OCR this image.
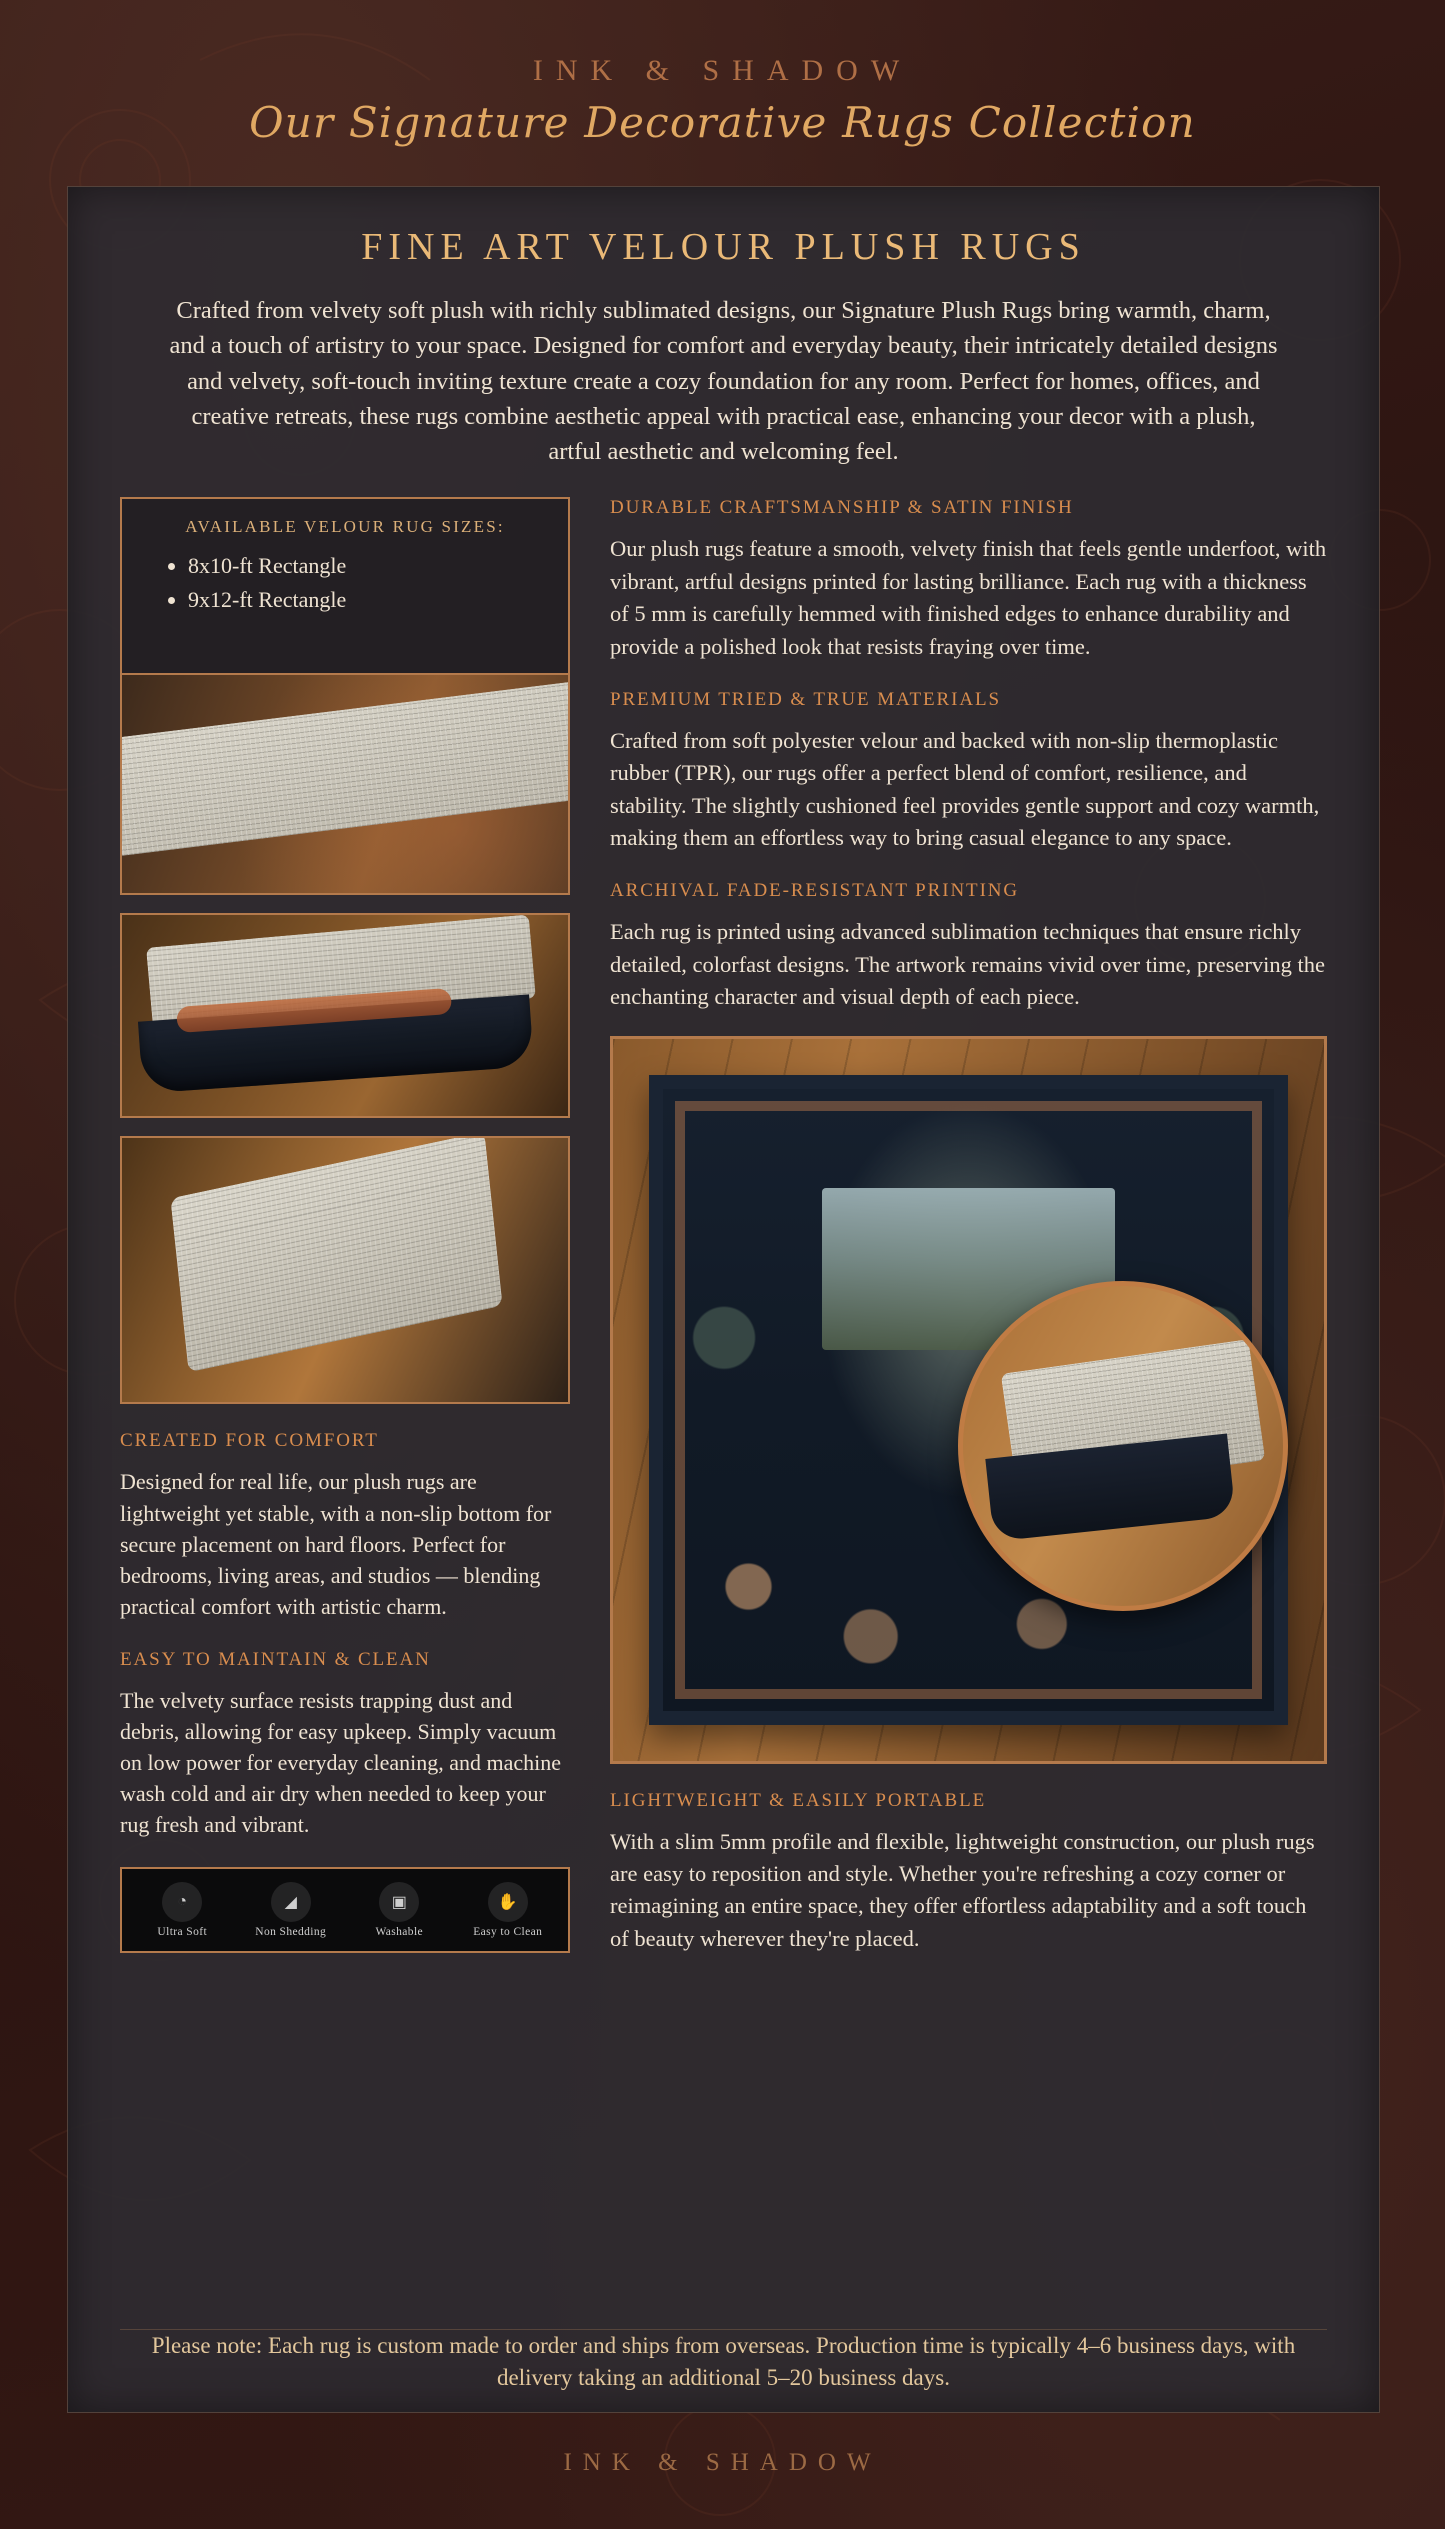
INK & SHADOW
Our Signature Decorative Rugs Collection
FINE ART VELOUR PLUSH RUGS

Crafted from velvety soft plush with richly sublimated designs, our Signature Plush Rugs bring warmth, charm, and a touch of artistry to your space. Designed for comfort and everyday beauty, their intricately detailed designs and velvety, soft-touch inviting texture create a cozy foundation for any room. Perfect for homes, offices, and creative retreats, these rugs combine aesthetic appeal with practical ease, enhancing your decor with a plush, artful aesthetic and welcoming feel.

AVAILABLE VELOUR RUG SIZES:
• 8x10-ft Rectangle
• 9x12-ft Rectangle
CREATED FOR COMFORT

Designed for real life, our plush rugs are lightweight yet stable, with a non-slip bottom for secure placement on hard floors. Perfect for bedrooms, living areas, and studios — blending practical comfort with artistic charm.

EASY TO MAINTAIN & CLEAN

The velvety surface resists trapping dust and debris, allowing for easy upkeep. Simply vacuum on low power for everyday cleaning, and machine wash cold and air dry when needed to keep your rug fresh and vibrant.

◔
Ultra Soft
◢
Non Shedding
▣
Washable
✋
Easy to Clean
DURABLE CRAFTSMANSHIP & SATIN FINISH

Our plush rugs feature a smooth, velvety finish that feels gentle underfoot, with vibrant, artful designs printed for lasting brilliance. Each rug with a thickness of 5 mm is carefully hemmed with finished edges to enhance durability and provide a polished look that resists fraying over time.

PREMIUM TRIED & TRUE MATERIALS

Crafted from soft polyester velour and backed with non-slip thermoplastic rubber (TPR), our rugs offer a perfect blend of comfort, resilience, and stability. The slightly cushioned feel provides gentle support and cozy warmth, making them an effortless way to bring casual elegance to any space.

ARCHIVAL FADE-RESISTANT PRINTING

Each rug is printed using advanced sublimation techniques that ensure richly detailed, colorfast designs. The artwork remains vivid over time, preserving the enchanting character and visual depth of each piece.

LIGHTWEIGHT & EASILY PORTABLE

With a slim 5mm profile and flexible, lightweight construction, our plush rugs are easy to reposition and style. Whether you're refreshing a cozy corner or reimagining an entire space, they offer effortless adaptability and a soft touch of beauty wherever they're placed.

Please note: Each rug is custom made to order and ships from overseas. Production time is typically 4–6 business days, with delivery taking an additional 5–20 business days.

INK & SHADOW
